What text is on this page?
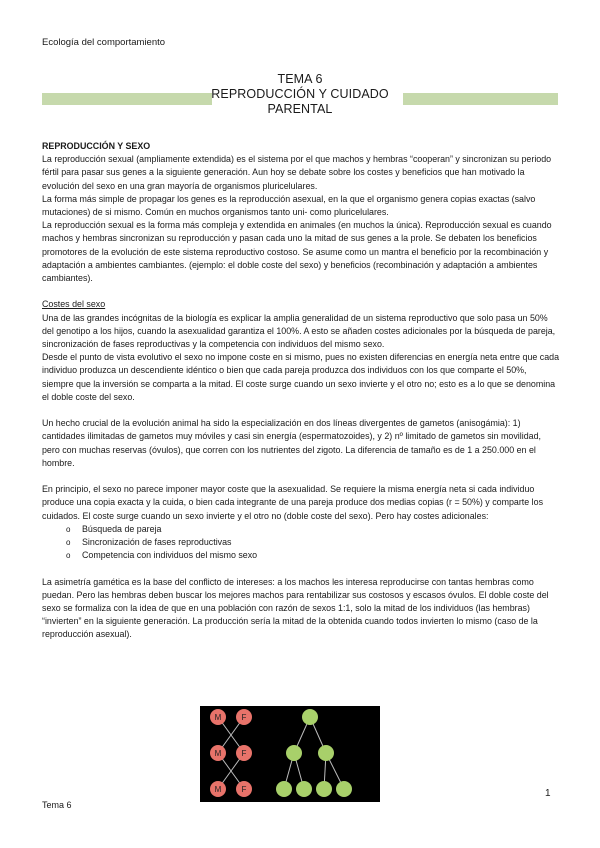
Ecología del comportamiento
TEMA 6
REPRODUCCIÓN Y CUIDADO
PARENTAL

REPRODUCCIÓN Y SEXO

La reproducción sexual (ampliamente extendida) es el sistema por el que machos y hembras “cooperan” y sincronizan su periodo fértil para pasar sus genes a la siguiente generación. Aun hoy se debate sobre los costes y beneficios que han motivado la evolución del sexo en una gran mayoría de organismos pluricelulares.

La forma más simple de propagar los genes es la reproducción asexual, en la que el organismo genera copias exactas (salvo mutaciones) de si mismo. Común en muchos organismos tanto uni- como pluricelulares.

La reproducción sexual es la forma más compleja y extendida en animales (en muchos la única). Reproducción sexual es cuando machos y hembras sincronizan su reproducción y pasan cada uno la mitad de sus genes a la prole. Se debaten los beneficios promotores de la evolución de este sistema reproductivo costoso. Se asume como un mantra el beneficio por la recombinación y adaptación a ambientes cambiantes. (ejemplo: el doble coste del sexo) y beneficios (recombinación y adaptación a ambientes cambiantes).

Costes del sexo

Una de las grandes incógnitas de la biología es explicar la amplia generalidad de un sistema reproductivo que solo pasa un 50% del genotipo a los hijos, cuando la asexualidad garantiza el 100%. A esto se añaden costes adicionales por la búsqueda de pareja, sincronización de fases reproductivas y la competencia con individuos del mismo sexo.

Desde el punto de vista evolutivo el sexo no impone coste en si mismo, pues no existen diferencias en energía neta entre que cada individuo produzca un descendiente idéntico o bien que cada pareja produzca dos individuos con los que comparte el 50%, siempre que la inversión se comparta a la mitad. El coste surge cuando un sexo invierte y el otro no; esto es a lo que se denomina el doble coste del sexo.

Un hecho crucial de la evolución animal ha sido la especialización en dos líneas divergentes de gametos (anisogámia): 1) cantidades ilimitadas de gametos muy móviles y casi sin energía (espermatozoides), y 2) nº limitado de gametos sin movilidad, pero con muchas reservas (óvulos), que corren con los nutrientes del zigoto. La diferencia de tamaño es de 1 a 250.000 en el hombre.

En principio, el sexo no parece imponer mayor coste que la asexualidad. Se requiere la misma energía neta si cada individuo produce una copia exacta y la cuida, o bien cada integrante de una pareja produce dos medias copias (r = 50%) y comparte los cuidados. El coste surge cuando un sexo invierte y el otro no (doble coste del sexo). Pero hay costes adicionales:

o Búsqueda de pareja
o Sincronización de fases reproductivas
o Competencia con individuos del mismo sexo

La asimetría gamética es la base del conflicto de intereses: a los machos les interesa reproducirse con tantas hembras como puedan. Pero las hembras deben buscar los mejores machos para rentabilizar sus costosos y escasos óvulos. El doble coste del sexo se formaliza con la idea de que en una población con razón de sexos 1:1, solo la mitad de los individuos (las hembras) “invierten” en la siguiente generación. La producción sería la mitad de la obtenida cuando todos invierten lo mismo (caso de la reproducción asexual).

M	F
M	F
M	F	1
Tema 6
